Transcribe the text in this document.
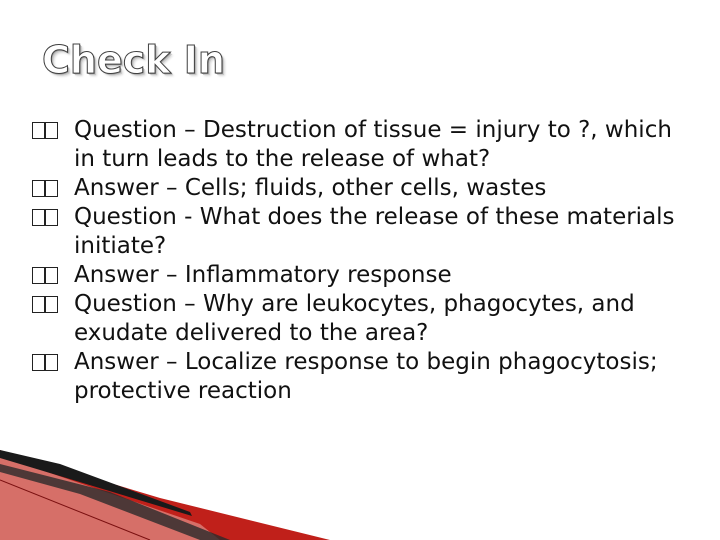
Check In
Question – Destruction of tissue = injury to ?, which in turn leads to the release of what?
Answer – Cells; fluids, other cells, wastes
Question - What does the release of these materials initiate?
Answer – Inflammatory response
Question – Why are leukocytes, phagocytes, and exudate delivered to the area?
Answer – Localize response to begin phagocytosis; protective reaction
